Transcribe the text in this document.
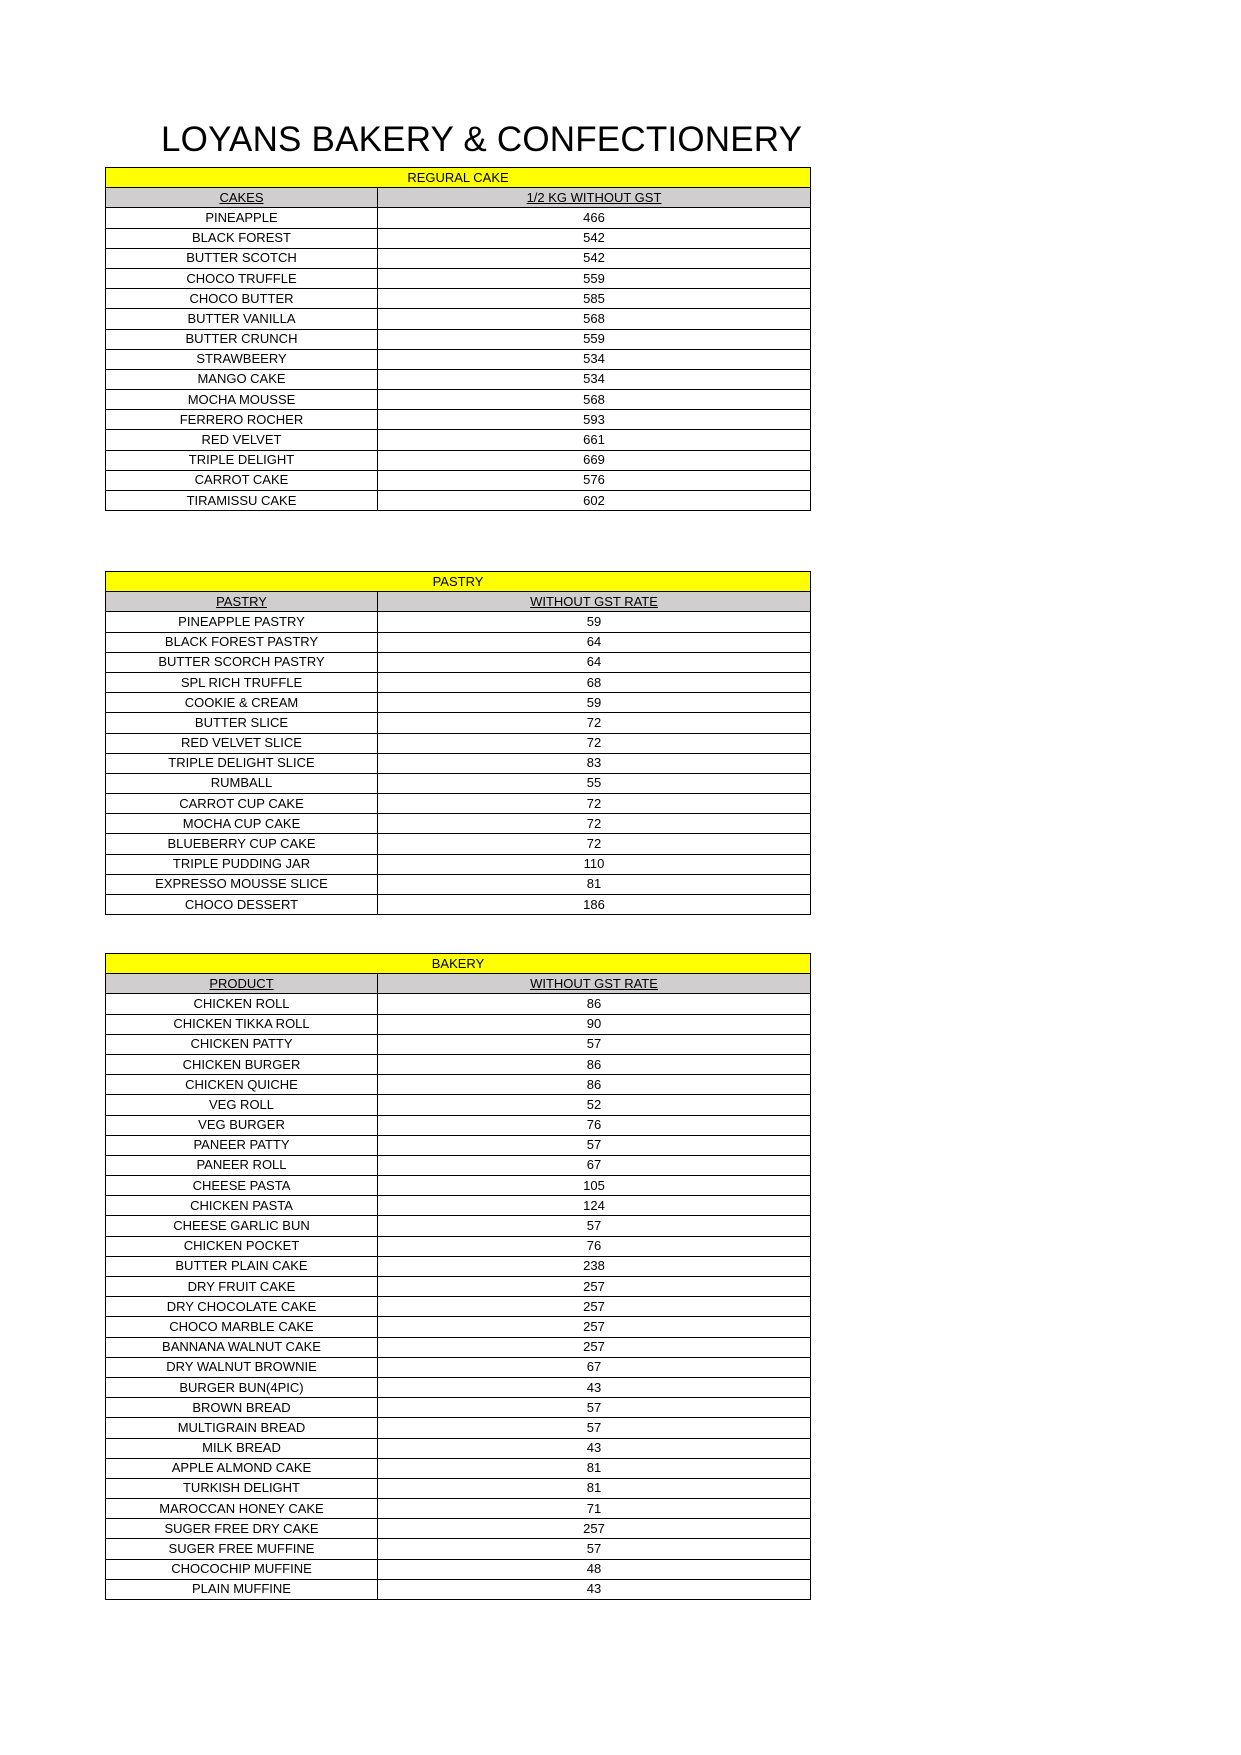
LOYANS BAKERY & CONFECTIONERY
REGURAL CAKE	
CAKES	1/2 KG WITHOUT GST
PINEAPPLE	466
BLACK FOREST	542
BUTTER SCOTCH	542
CHOCO TRUFFLE	559
CHOCO BUTTER	585
BUTTER VANILLA	568
BUTTER CRUNCH	559
STRAWBEERY	534
MANGO CAKE	534
MOCHA MOUSSE	568
FERRERO ROCHER	593
RED VELVET	661
TRIPLE DELIGHT	669
CARROT CAKE	576
TIRAMISSU CAKE	602
PASTRY	
PASTRY	WITHOUT GST RATE
PINEAPPLE PASTRY	59
BLACK FOREST PASTRY	64
BUTTER SCORCH PASTRY	64
SPL RICH TRUFFLE	68
COOKIE & CREAM	59
BUTTER SLICE	72
RED VELVET SLICE	72
TRIPLE DELIGHT SLICE	83
RUMBALL	55
CARROT CUP CAKE	72
MOCHA CUP CAKE	72
BLUEBERRY CUP CAKE	72
TRIPLE PUDDING JAR	110
EXPRESSO MOUSSE SLICE	81
CHOCO DESSERT	186
BAKERY	
PRODUCT	WITHOUT GST RATE
CHICKEN ROLL	86
CHICKEN TIKKA ROLL	90
CHICKEN PATTY	57
CHICKEN BURGER	86
CHICKEN QUICHE	86
VEG ROLL	52
VEG BURGER	76
PANEER PATTY	57
PANEER ROLL	67
CHEESE PASTA	105
CHICKEN PASTA	124
CHEESE GARLIC BUN	57
CHICKEN POCKET	76
BUTTER PLAIN CAKE	238
DRY FRUIT CAKE	257
DRY CHOCOLATE CAKE	257
CHOCO MARBLE CAKE	257
BANNANA WALNUT CAKE	257
DRY WALNUT BROWNIE	67
BURGER BUN(4PIC)	43
BROWN BREAD	57
MULTIGRAIN BREAD	57
MILK BREAD	43
APPLE ALMOND CAKE	81
TURKISH DELIGHT	81
MAROCCAN HONEY CAKE	71
SUGER FREE DRY CAKE	257
SUGER FREE MUFFINE	57
CHOCOCHIP MUFFINE	48
PLAIN MUFFINE	43
